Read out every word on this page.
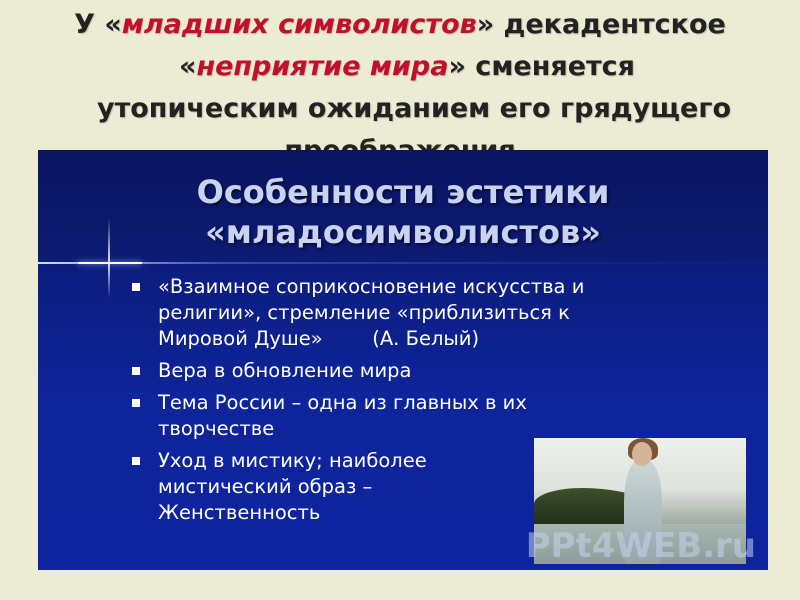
У «младших символистов» декадентское
«неприятие мира» сменяется
утопическим ожиданием его грядущего
Особенности эстетики
«младосимволистов»
«Взаимное соприкосновение искусства и
религии», стремление «приблизиться к
Мировой Душе»        (А. Белый)
Вера в обновление мира
Тема России – одна из главных в их
творчестве
Уход в мистику; наиболее
мистический образ –
Женственность
PPt4WEB.ru
